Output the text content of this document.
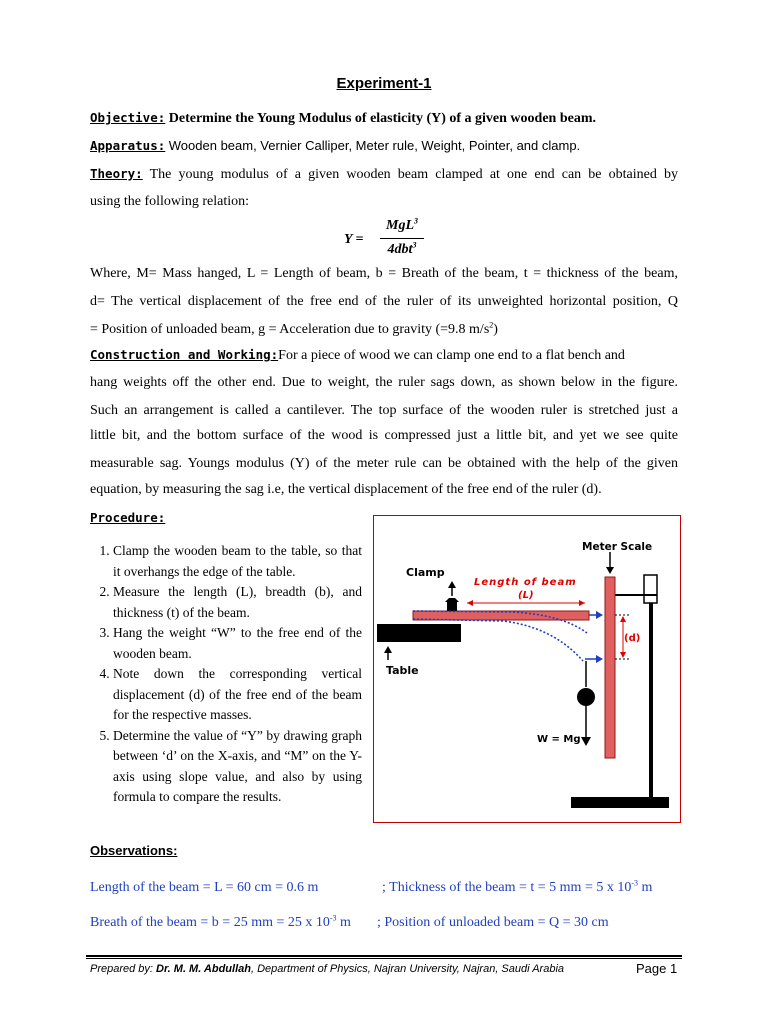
Experiment-1
Objective: Determine the Young Modulus of elasticity (Y) of a given wooden beam.
Apparatus: Wooden beam, Vernier Calliper, Meter rule, Weight, Pointer, and clamp.
Theory: The young modulus of a given wooden beam clamped at one end can be obtained by
using the following relation:
Y =
MgL$^3$
4dbt$^3$
Where, M= Mass hanged, L = Length of beam, b = Breath of the beam, t = thickness of the beam,
d= The vertical displacement of the free end of the ruler of its unweighted horizontal position, Q
= Position of unloaded beam, g = Acceleration due to gravity (=9.8 $m/s^2$)
Construction and Working:For a piece of wood we can clamp one end to a flat bench and
hang weights off the other end. Due to weight, the ruler sags down, as shown below in the figure.
Such an arrangement is called a cantilever. The top surface of the wooden ruler is stretched just a
little bit, and the bottom surface of the wood is compressed just a little bit, and yet we see quite
measurable sag. Youngs modulus (Y) of the meter rule can be obtained with the help of the given
equation, by measuring the sag i.e, the vertical displacement of the free end of the ruler (d).
Procedure:
1. Clamp the wooden beam to the table, so that it overhangs the edge of the table.
2. Measure the length (L), breadth (b), and thickness (t) of the beam.
3. Hang the weight “W” to the free end of the wooden beam.
4. Note down the corresponding vertical displacement (d) of the free end of the beam for the respective masses.
5. Determine the value of “Y” by drawing graph between ‘d’ on the X-axis, and “M” on the Y-axis using slope value, and also by using formula to compare the results.
Meter Scale
Clamp
Length of beam
(L)
(d)
Table
W = Mg
Observations:
Length of the beam = L = 60 cm = 0.6 m	; Thickness of the beam = t = 5 mm = 5 x $10^{-3}$ m
Breath of the beam = b = 25 mm = 25 x $10^{-3}$ m ; Position of unloaded beam = Q = 30 cm
Prepared by: Dr. M. M. Abdullah, Department of Physics, Najran University, Najran, Saudi Arabia	Page 1
